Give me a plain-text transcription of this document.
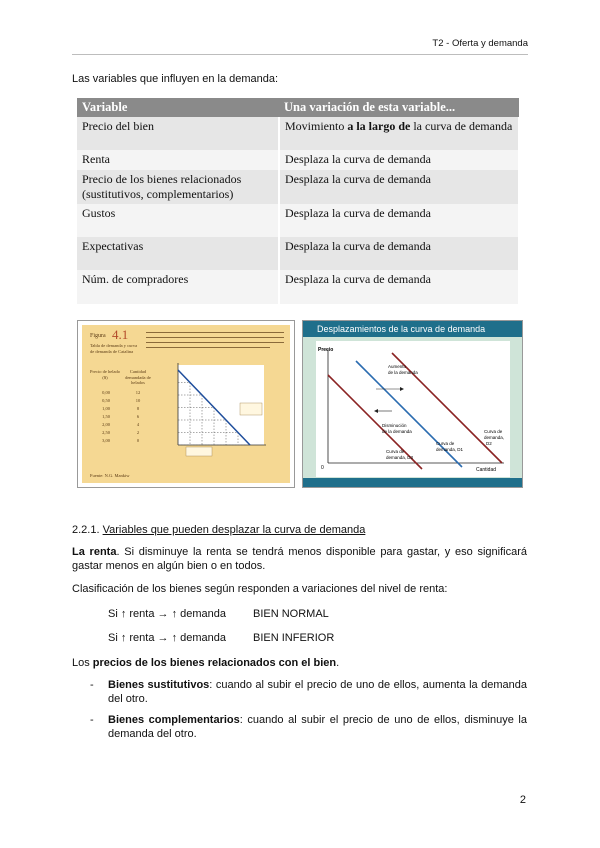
T2 - Oferta y demanda
Las variables que influyen en la demanda:
Variable	Una variación de esta variable...
Precio del bien	Movimiento a la largo de la curva de demanda
Renta	Desplaza la curva de demanda
Precio de los bienes relacionados (sustitutivos, complementarios)	Desplaza la curva de demanda
Gustos	Desplaza la curva de demanda
Expectativas	Desplaza la curva de demanda
Núm. de compradores	Desplaza la curva de demanda
Figura 4.1
Tabla de demanda y curva de demanda de Catalina
Precio de helado ($)
Cantidad demandada de helados
0,00	12
0,50	10
1,00	8
1,50	6
2,00	4
2,50	2
3,00	0
Fuente: N.G. Mankiw
Desplazamientos de la curva de demanda
Precio
Cantidad
0
Aumento
de la demanda
Disminución
de la demanda
Curva de
demanda, D1
Curva de
demanda, D3
Curva de
demanda,
D2
2.2.1. Variables que pueden desplazar la curva de demanda
La renta. Si disminuye la renta se tendrá menos disponible para gastar, y eso significará gastar menos en algún bien o en todos.
Clasificación de los bienes según responden a variaciones del nivel de renta:
Si ↑ renta → ↑ demanda BIEN NORMAL
Si ↑ renta → ↑ demanda BIEN INFERIOR
Los precios de los bienes relacionados con el bien.
-	Bienes sustitutivos: cuando al subir el precio de uno de ellos, aumenta la demanda del otro.
-	Bienes complementarios: cuando al subir el precio de uno de ellos, disminuye la demanda del otro.
2
